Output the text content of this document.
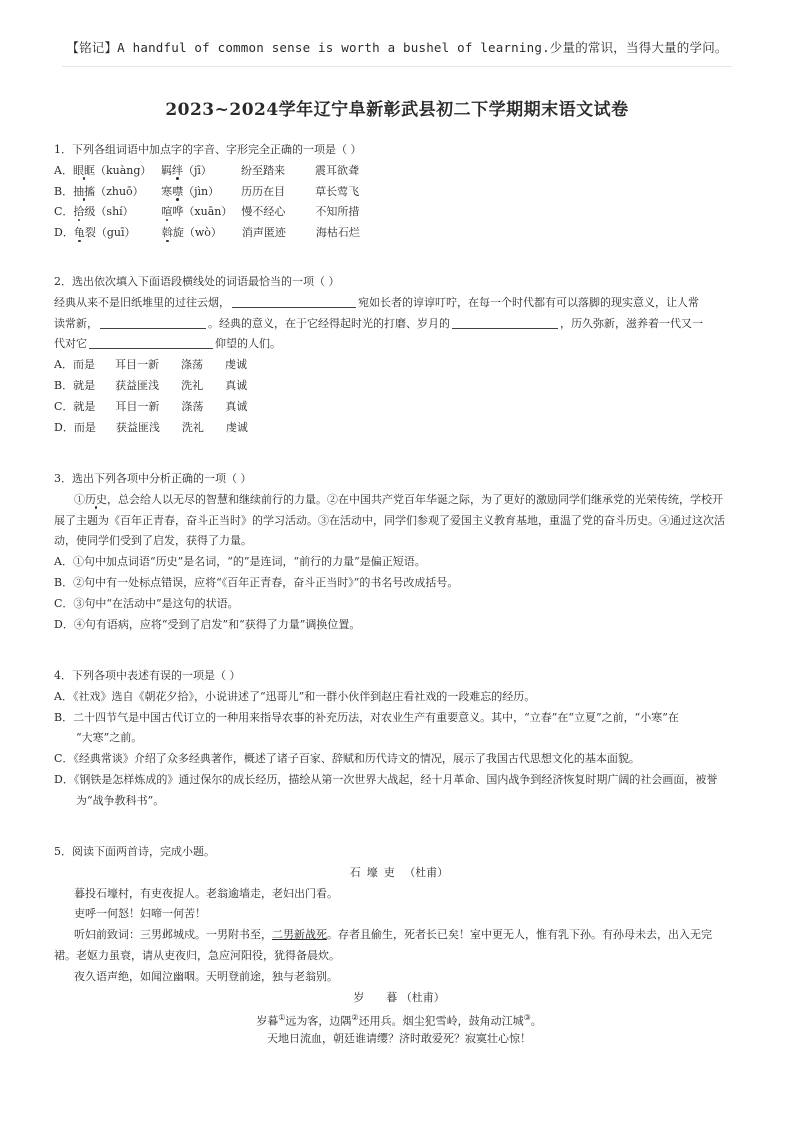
【铭记】A handful of common sense is worth a bushel of learning.少量的常识，当得大量的学问。
2023~2024学年辽宁阜新彰武县初二下学期期末语文试卷
1．下列各组词语中加点字的字音、字形完全正确的一项是（ ）
A．眼眶（kuàng） 羁绊（jī）	纷至踏来	震耳欲聋
B．抽搐（zhuō） 寒噤（jìn） 历历在目	草长莺飞
C．拾级（shí）	喧哗（xuān） 慢不经心	不知所措
D．龟裂（guī） 斡旋（wò） 消声匿迹	海枯石烂
2．选出依次填入下面语段横线处的词语最恰当的一项（ ）
经典从来不是旧纸堆里的过往云烟，	宛如长者的谆谆叮咛，在每一个时代都有可以落脚的现实意义，让人常
读常新，	。经典的意义，在于它经得起时光的打磨、岁月的	，历久弥新，滋养着一代又一
代对它	仰望的人们。
A．而是 耳目一新 涤荡 虔诚
B．就是 获益匪浅 洗礼 真诚
C．就是 耳目一新 涤荡 真诚
D．而是 获益匪浅 洗礼 虔诚
3．选出下列各项中分析正确的一项（ ）
①历史，总会给人以无尽的智慧和继续前行的力量。②在中国共产党百年华诞之际，为了更好的激励同学们继承党的光荣传统，学校开
展了主题为《百年正青春，奋斗正当时》的学习活动。③在活动中，同学们参观了爱国主义教育基地，重温了党的奋斗历史。④通过这次活
动，使同学们受到了启发，获得了力量。
A．①句中加点词语“历史”是名词，“的”是连词，“前行的力量”是偏正短语。
B．②句中有一处标点错误，应将“《百年正青春，奋斗正当时》”的书名号改成括号。
C．③句中“在活动中”是这句的状语。
D．④句有语病，应将“受到了启发”和“获得了力量”调换位置。
4．下列各项中表述有误的一项是（ ）
A．《社戏》选自《朝花夕拾》，小说讲述了“迅哥儿”和一群小伙伴到赵庄看社戏的一段难忘的经历。
B．二十四节气是中国古代订立的一种用来指导农事的补充历法，对农业生产有重要意义。其中，“立春”在“立夏”之前，“小寒”在
“大寒”之前。
C．《经典常谈》介绍了众多经典著作，概述了诸子百家、辞赋和历代诗文的情况，展示了我国古代思想文化的基本面貌。
D．《钢铁是怎样炼成的》通过保尔的成长经历，描绘从第一次世界大战起，经十月革命、国内战争到经济恢复时期广阔的社会画面，被誉
为“战争教科书”。
5．阅读下面两首诗，完成小题。
石壕吏 （杜甫）
暮投石壕村，有吏夜捉人。老翁逾墙走，老妇出门看。
吏呼一何怒！妇啼一何苦！
听妇前致词：三男邺城戍。一男附书至，二男新战死。存者且偷生，死者长已矣！室中更无人，惟有乳下孙。有孙母未去，出入无完
裙。老妪力虽衰，请从吏夜归，急应河阳役，犹得备晨炊。
夜久语声绝，如闻泣幽咽。天明登前途，独与老翁别。
岁　　暮 （杜甫）
岁暮①远为客，边隅②还用兵。烟尘犯雪岭，鼓角动江城③。
天地日流血，朝廷谁请缨？济时敢爱死？寂寞壮心惊！
